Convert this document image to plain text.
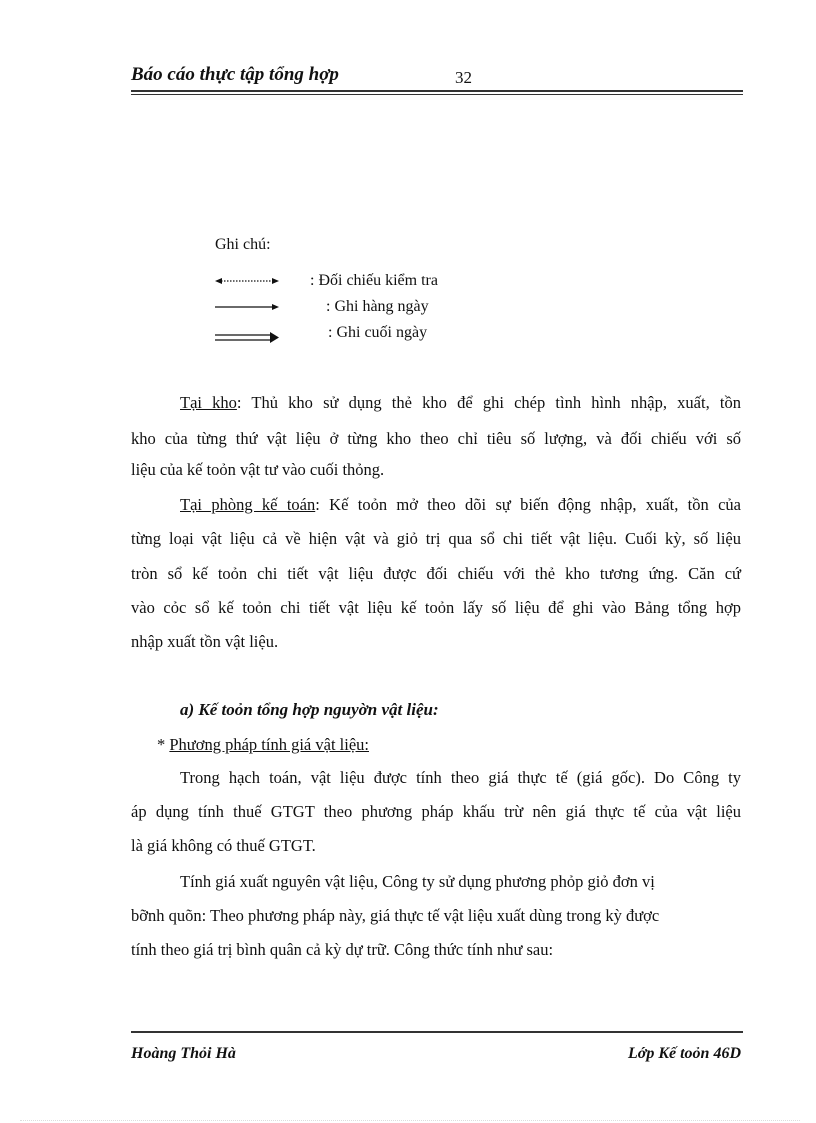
Báo cáo thực tập tổng hợp	32
Ghi chú:
: Đối chiếu kiểm tra
: Ghi hàng ngày
: Ghi cuối ngày
Tại kho: Thủ kho sử dụng thẻ kho để ghi chép tình hình nhập, xuất, tồn
kho của từng thứ vật liệu ở từng kho theo chỉ tiêu số lượng, và đối chiếu với số
liệu của kế toỏn vật tư vào cuối thỏng.
Tại phòng kế toán: Kế toỏn mở theo dõi sự biến động nhập, xuất, tồn của
từng loại vật liệu cả về hiện vật và giỏ trị qua sổ chi tiết vật liệu. Cuối kỳ, số liệu
tròn sổ kế toỏn chi tiết vật liệu được đối chiếu với thẻ kho tương ứng. Căn cứ
vào cỏc sổ kế toỏn chi tiết vật liệu kế toỏn lấy số liệu để ghi vào Bảng tổng hợp
nhập xuất tồn vật liệu.
a) Kế toỏn tổng hợp nguyờn vật liệu:
* Phương pháp tính giá vật liệu:
Trong hạch toán, vật liệu được tính theo giá thực tế (giá gốc). Do Công ty
áp dụng tính thuế GTGT theo phương pháp khấu trừ nên giá thực tế của vật liệu
là giá không có thuế GTGT.
Tính giá xuất nguyên vật liệu, Công ty sử dụng phương phỏp giỏ đơn vị
bỡnh quõn: Theo phương pháp này, giá thực tế vật liệu xuất dùng trong kỳ được
tính theo giá trị bình quân cả kỳ dự trữ. Công thức tính như sau:
Hoàng Thỏi Hà	Lớp Kế toỏn 46D
